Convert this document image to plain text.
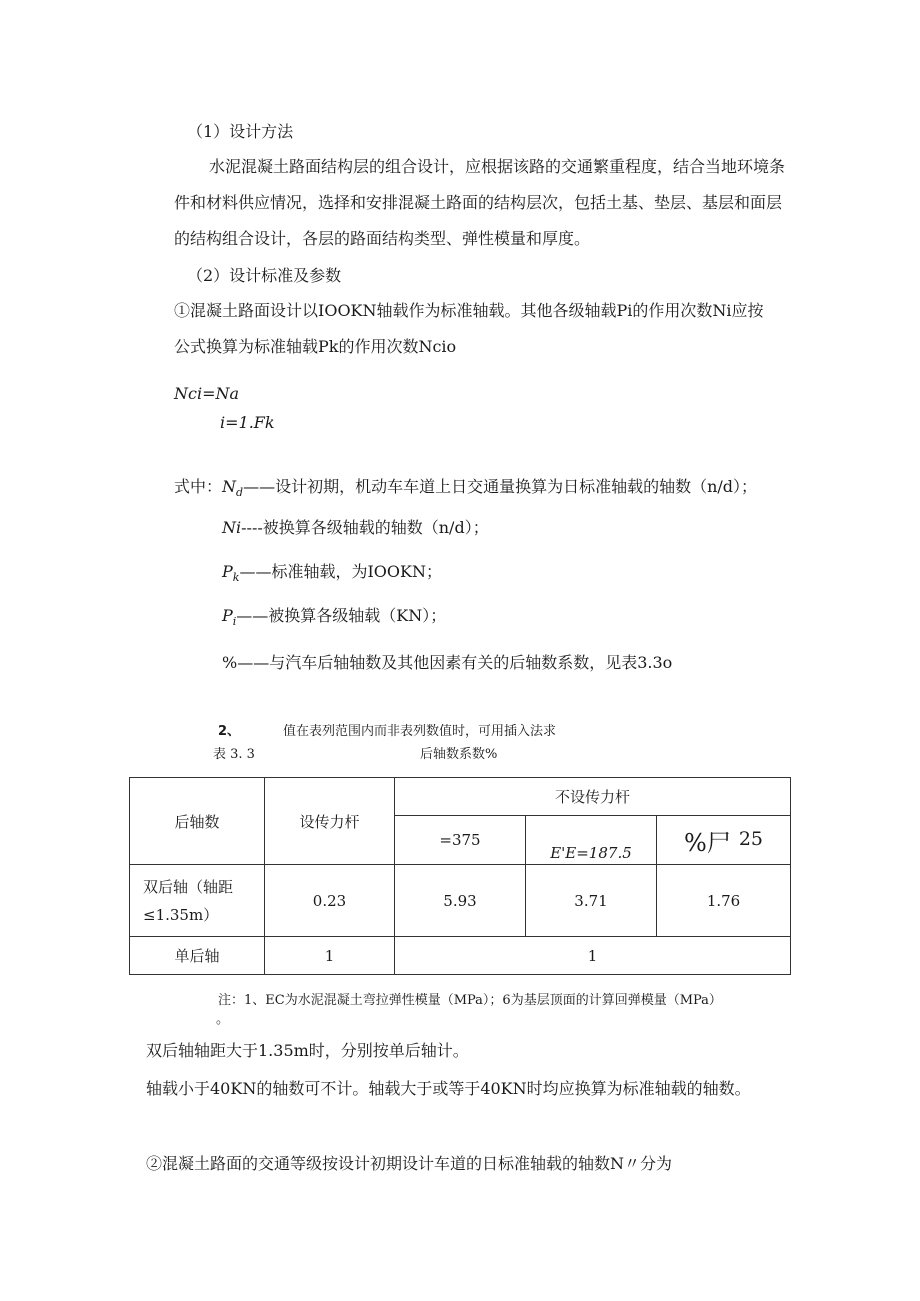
（1）设计方法
水泥混凝土路面结构层的组合设计，应根据该路的交通繁重程度，结合当地环境条
件和材料供应情况，选择和安排混凝土路面的结构层次，包括土基、垫层、基层和面层
的结构组合设计，各层的路面结构类型、弹性模量和厚度。
（2）设计标准及参数
①混凝土路面设计以IOOKN轴载作为标准轴载。其他各级轴载Pi的作用次数Ni应按
公式换算为标准轴载Pk的作用次数Ncio
Nci=Na
i=1.Fk
式中：$N_d——$设计初期，机动车车道上日交通量换算为日标准轴载的轴数（n/d）；
Ni----被换算各级轴载的轴数（n/d）；
$P_k——$标准轴载，为IOOKN；
$P_i——$被换算各级轴载（KN）；
%——与汽车后轴轴数及其他因素有关的后轴数系数，见表3.3o
2、	值在表列范围内而非表列数值时，可用插入法求
表 3. 3	后轴数系数%
后轴数	设传力杆	不设传力杆		
		=375	E'E=187.5	%尸 25

双后轴（轴距≤1.35m）	0.23	5.93	3.71	1.76
单后轴	1	1		
注：1、EC为水泥混凝土弯拉弹性模量（MPa）；6为基层顶面的计算回弹模量（MPa）
。
双后轴轴距大于1.35m时，分别按单后轴计。
轴载小于40KN的轴数可不计。轴载大于或等于40KN时均应换算为标准轴载的轴数。
②混凝土路面的交通等级按设计初期设计车道的日标准轴载的轴数N〃分为
